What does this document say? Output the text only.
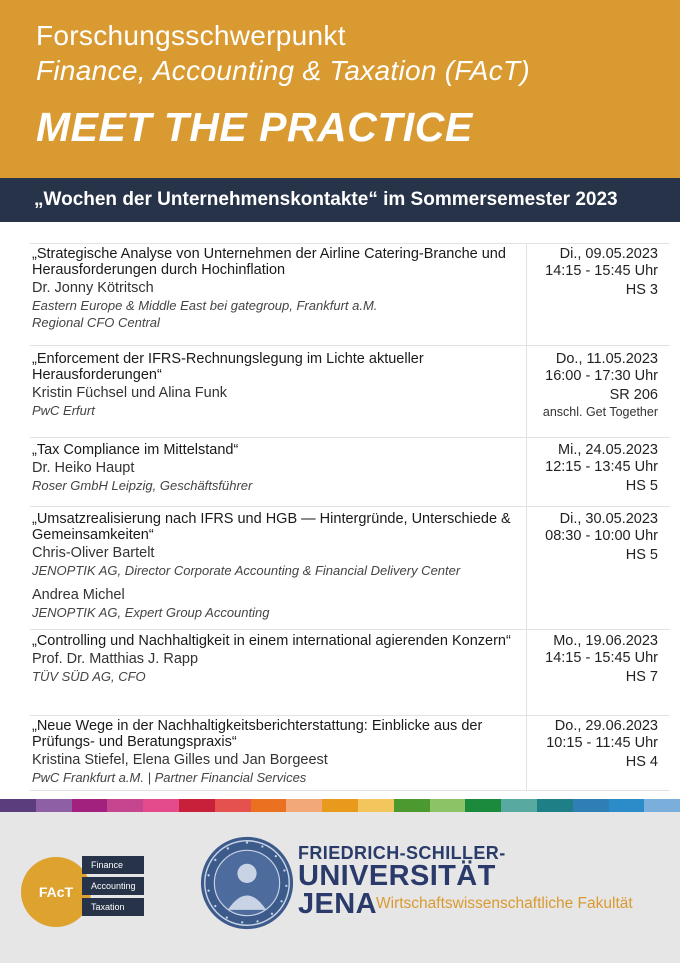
Forschungsschwerpunkt
Finance, Accounting & Taxation (FAcT)
MEET THE PRACTICE
„Wochen der Unternehmenskontakte“ im Sommersemester 2023
„Strategische Analyse von Unternehmen der Airline Catering-Branche und Herausforderungen durch Hochinflation
Dr. Jonny Kötritsch
Eastern Europe & Middle East bei gategroup, Frankfurt a.M.
Regional CFO Central
Di., 09.05.2023
14:15 - 15:45 Uhr
HS 3
„Enforcement der IFRS-Rechnungslegung im Lichte aktueller Herausforderungen“
Kristin Füchsel und Alina Funk
PwC Erfurt
Do., 11.05.2023
16:00 - 17:30 Uhr
SR 206
anschl. Get Together
„Tax Compliance im Mittelstand“
Dr. Heiko Haupt
Roser GmbH Leipzig, Geschäftsführer
Mi., 24.05.2023
12:15 - 13:45 Uhr
HS 5
„Umsatzrealisierung nach IFRS und HGB — Hintergründe, Unterschiede & Gemeinsamkeiten“
Chris-Oliver Bartelt
JENOPTIK AG, Director Corporate Accounting & Financial Delivery Center
Andrea Michel
JENOPTIK AG, Expert Group Accounting
Di., 30.05.2023
08:30 - 10:00 Uhr
HS 5
„Controlling und Nachhaltigkeit in einem international agierenden Konzern“
Prof. Dr. Matthias J. Rapp
TÜV SÜD AG, CFO
Mo., 19.06.2023
14:15 - 15:45 Uhr
HS 7
„Neue Wege in der Nachhaltigkeitsberichterstattung: Einblicke aus der Prüfungs- und Beratungspraxis“
Kristina Stiefel, Elena Gilles und Jan Borgeest
PwC Frankfurt a.M. | Partner Financial Services
Do., 29.06.2023
10:15 - 11:45 Uhr
HS 4
FAcT
Finance
Accounting
Taxation
FRIEDRICH-SCHILLER-
UNIVERSITÄT
JENA Wirtschaftswissenschaftliche Fakultät
